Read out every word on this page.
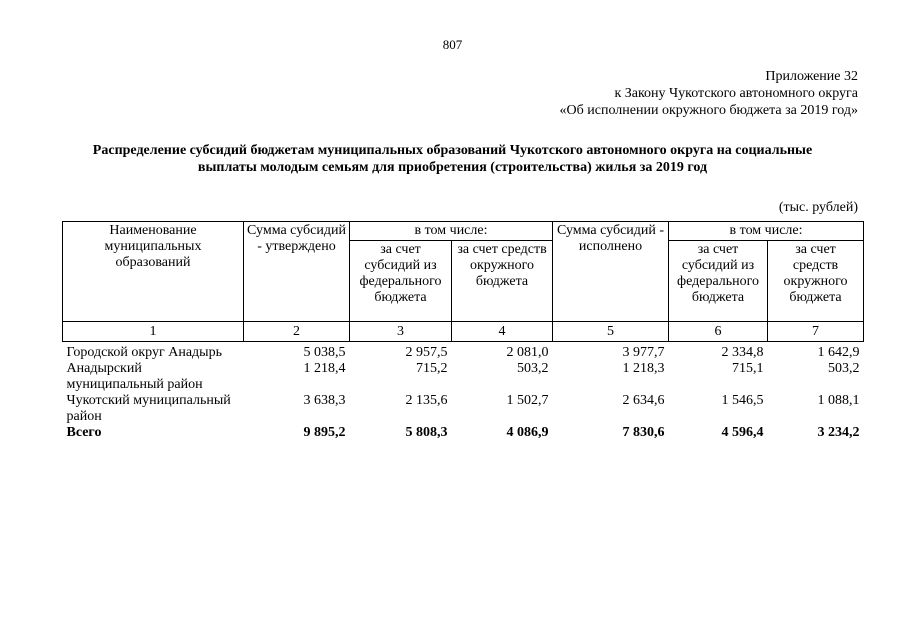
807
Приложение 32
к Закону Чукотского автономного округа
«Об исполнении окружного бюджета за 2019 год»
Распределение субсидий бюджетам муниципальных образований Чукотского автономного округа на социальные
выплаты молодым семьям для приобретения (строительства) жилья за 2019 год
(тыс. рублей)
Наименование муниципальных образований	Сумма субсидий - утверждено	в том числе:		Сумма субсидий - исполнено	в том числе:	
		за счет субсидий из федерального бюджета	за счет средств окружного бюджета		за счет субсидий из федерального бюджета	за счет средств окружного бюджета
1	2	3	4	5	6	7
Городской округ Анадырь	5 038,5	2 957,5	2 081,0	3 977,7	2 334,8	1 642,9
Анадырский муниципальный район	1 218,4	715,2	503,2	1 218,3	715,1	503,2
Чукотский муниципальный район	3 638,3	2 135,6	1 502,7	2 634,6	1 546,5	1 088,1
Всего	9 895,2	5 808,3	4 086,9	7 830,6	4 596,4	3 234,2
